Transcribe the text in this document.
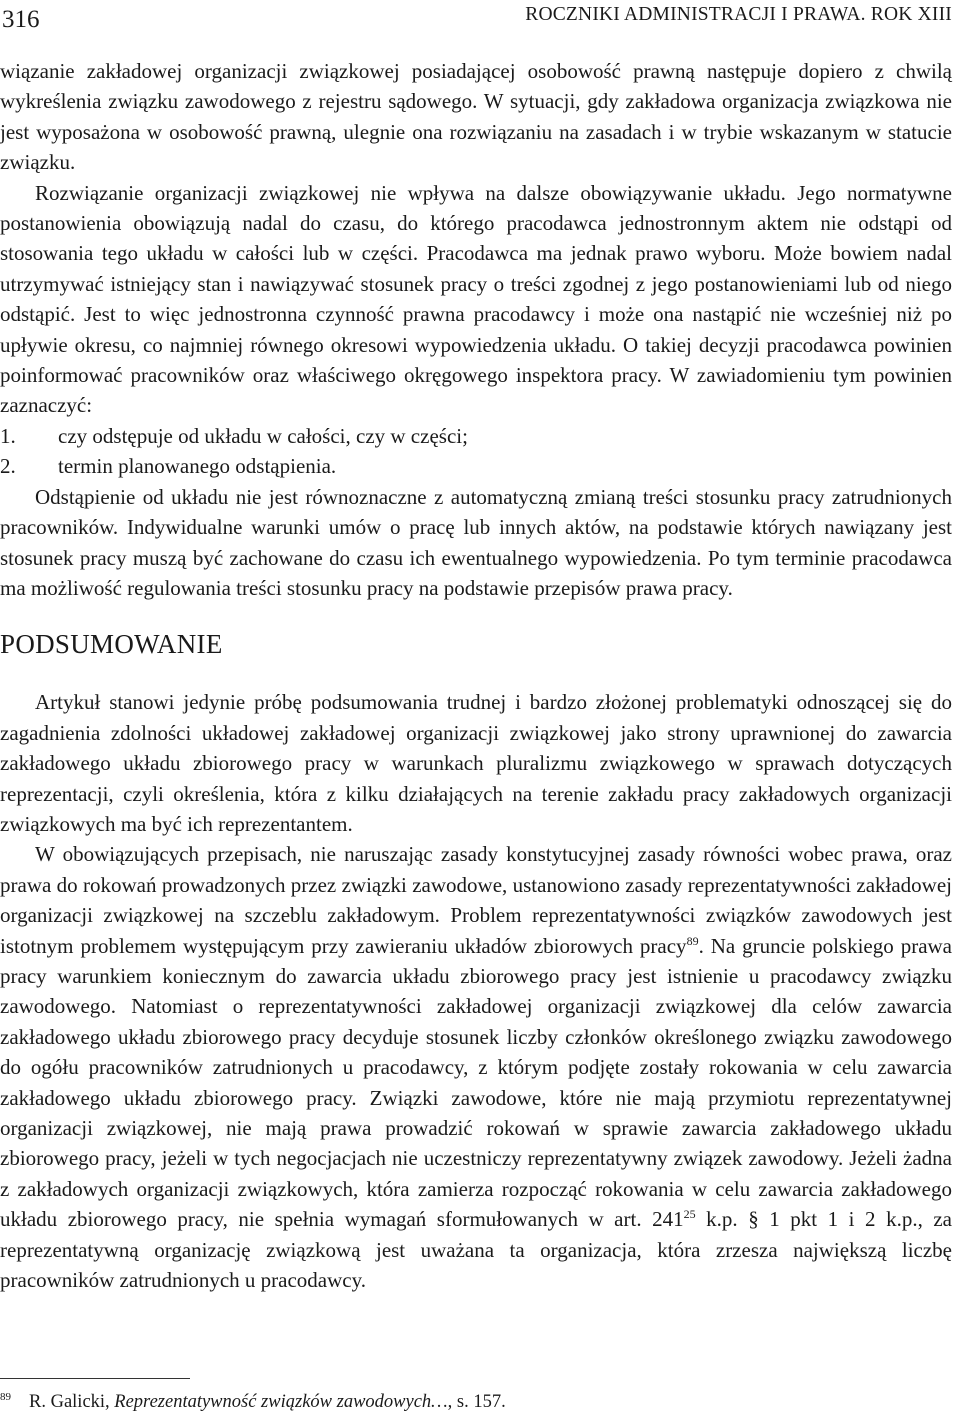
316	ROCZNIKI ADMINISTRACJI I PRAWA. ROK XIII

wiązanie zakładowej organizacji związkowej posiadającej osobowość prawną następuje dopiero z chwilą wykreślenia związku zawodowego z rejestru sądowego. W sytuacji, gdy zakładowa organizacja związkowa nie jest wyposażona w osobowość prawną, ulegnie ona rozwiązaniu na zasadach i w trybie wskazanym w statucie związku.

Rozwiązanie organizacji związkowej nie wpływa na dalsze obowiązywanie układu. Jego normatywne postanowienia obowiązują nadal do czasu, do którego pracodawca jednostronnym aktem nie odstąpi od stosowania tego układu w całości lub w części. Pracodawca ma jednak prawo wyboru. Może bowiem nadal utrzymywać istniejący stan i nawiązywać stosunek pracy o treści zgodnej z jego postanowieniami lub od niego odstąpić. Jest to więc jednostronna czynność prawna pracodawcy i może ona nastąpić nie wcześniej niż po upływie okresu, co najmniej równego okresowi wypowiedzenia układu. O takiej decyzji pracodawca powinien poinformować pracowników oraz właściwego okręgowego inspektora pracy. W zawiadomieniu tym powinien zaznaczyć:

1.	czy odstępuje od układu w całości, czy w części;
2.	termin planowanego odstąpienia.

Odstąpienie od układu nie jest równoznaczne z automatyczną zmianą treści stosunku pracy zatrudnionych pracowników. Indywidualne warunki umów o pracę lub innych aktów, na podstawie których nawiązany jest stosunek pracy muszą być zachowane do czasu ich ewentualnego wypowiedzenia. Po tym terminie pracodawca ma możliwość regulowania treści stosunku pracy na podstawie przepisów prawa pracy.

PODSUMOWANIE

Artykuł stanowi jedynie próbę podsumowania trudnej i bardzo złożonej problematyki odnoszącej się do zagadnienia zdolności układowej zakładowej organizacji związkowej jako strony uprawnionej do zawarcia zakładowego układu zbiorowego pracy w warunkach pluralizmu związkowego w sprawach dotyczących reprezentacji, czyli określenia, która z kilku działających na terenie zakładu pracy zakładowych organizacji związkowych ma być ich reprezentantem.

W obowiązujących przepisach, nie naruszając zasady konstytucyjnej zasady równości wobec prawa, oraz prawa do rokowań prowadzonych przez związki zawodowe, ustanowiono zasady reprezentatywności zakładowej organizacji związkowej na szczeblu zakładowym. Problem reprezentatywności związków zawodowych jest istotnym problemem występującym przy zawieraniu układów zbiorowych pracy$^{89}$. Na gruncie polskiego prawa pracy warunkiem koniecznym do zawarcia układu zbiorowego pracy jest istnienie u pracodawcy związku zawodowego. Natomiast o reprezentatywności zakładowej organizacji związkowej dla celów zawarcia zakładowego układu zbiorowego pracy decyduje stosunek liczby członków określonego związku zawodowego do ogółu pracowników zatrudnionych u pracodawcy, z którym podjęte zostały rokowania w celu zawarcia zakładowego układu zbiorowego pracy. Związki zawodowe, które nie mają przymiotu reprezentatywnej organizacji związkowej, nie mają prawa prowadzić rokowań w sprawie zawarcia zakładowego układu zbiorowego pracy, jeżeli w tych negocjacjach nie uczestniczy reprezentatywny związek zawodowy. Jeżeli żadna z zakładowych organizacji związkowych, która zamierza rozpocząć rokowania w celu zawarcia zakładowego układu zbiorowego pracy, nie spełnia wymagań sformułowanych w art. $241^{25}$ k.p. § 1 pkt 1 i 2 k.p., za reprezentatywną organizację związkową jest uważana ta organizacja, która zrzesza największą liczbę pracowników zatrudnionych u pracodawcy.

$^{89}$ R. Galicki, Reprezentatywność związków zawodowych…, s. 157.
